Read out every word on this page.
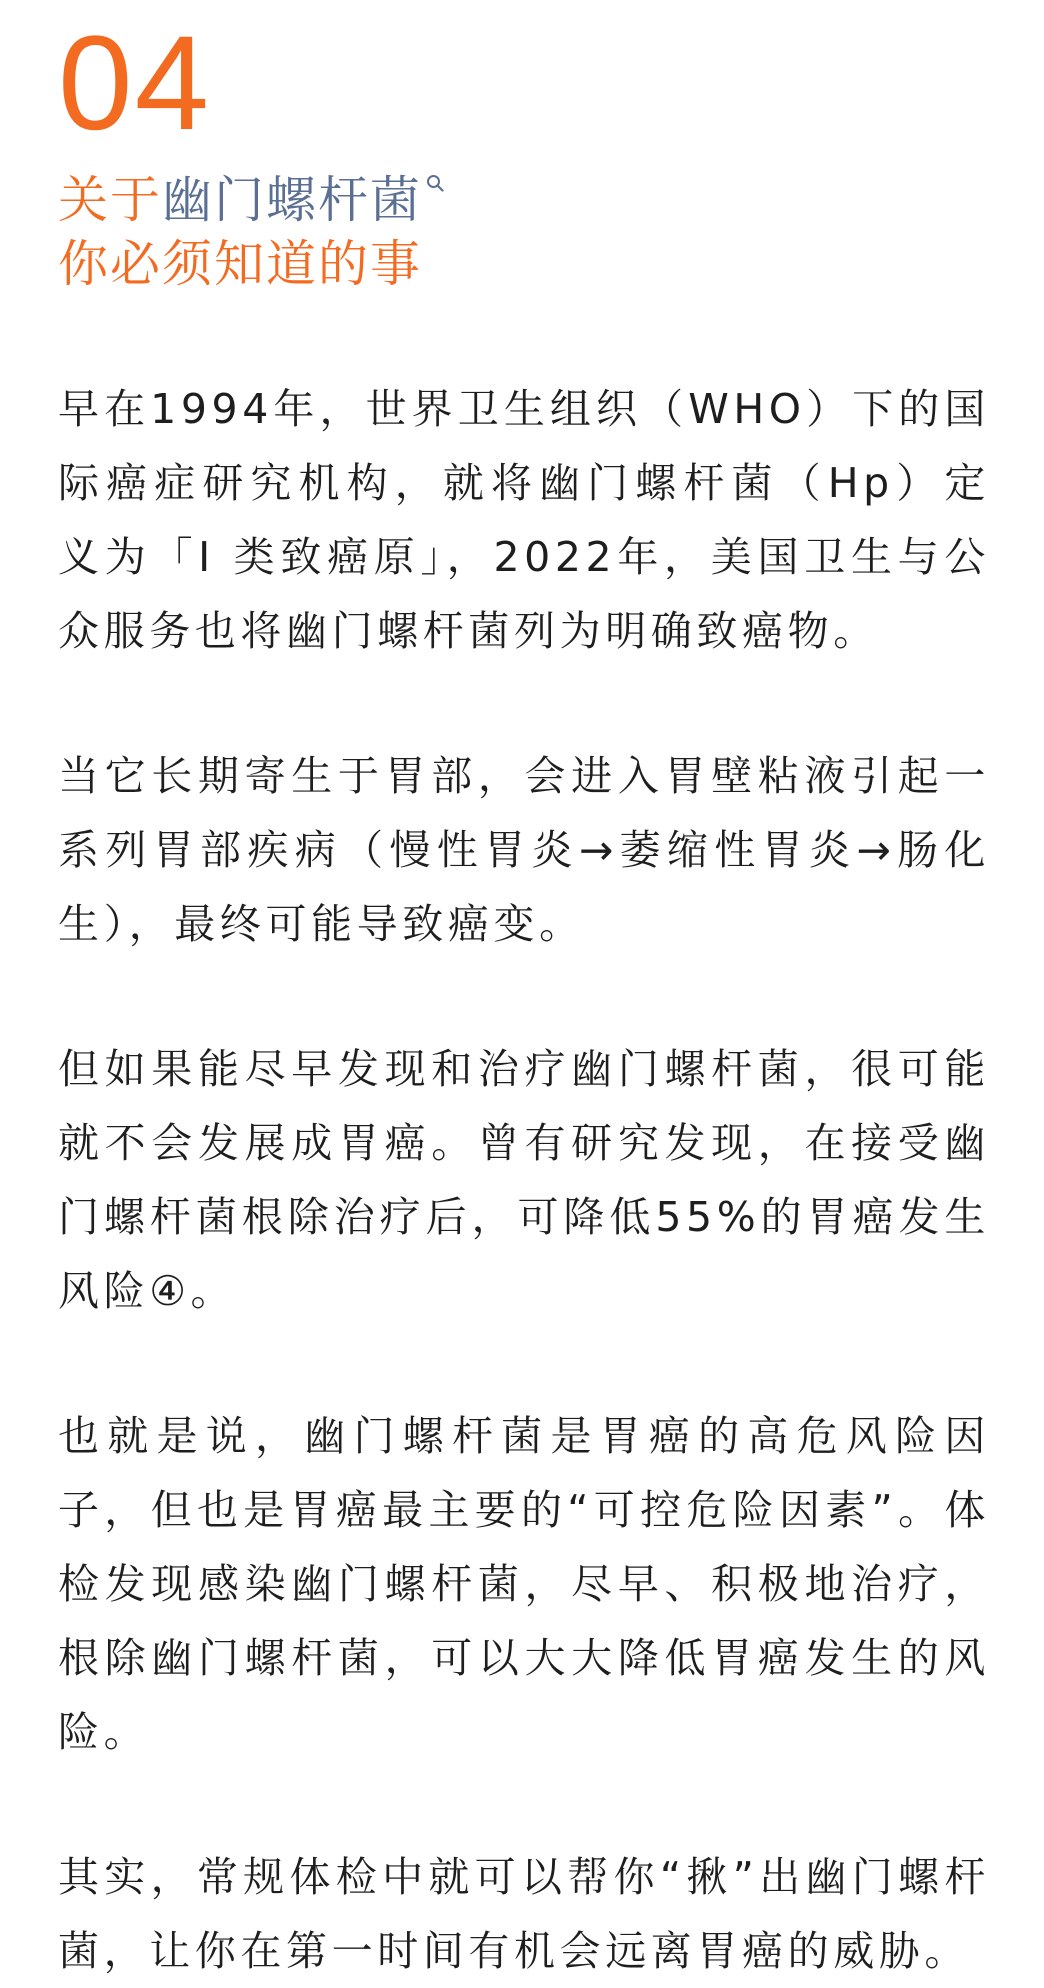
04
关于幽门螺杆菌
你必须知道的事

早在1994年，世界卫生组织（WHO）下的国际癌症研究机构，就将幽门螺杆菌（Hp）定义为「I 类致癌原」，2022年，美国卫生与公众服务也将幽门螺杆菌列为明确致癌物。

当它长期寄生于胃部，会进入胃壁粘液引起一系列胃部疾病（慢性胃炎→萎缩性胃炎→肠化生），最终可能导致癌变。

但如果能尽早发现和治疗幽门螺杆菌，很可能就不会发展成胃癌。曾有研究发现，在接受幽门螺杆菌根除治疗后，可降低55%的胃癌发生风险④。

也就是说，幽门螺杆菌是胃癌的高危风险因子，但也是胃癌最主要的“可控危险因素”。体检发现感染幽门螺杆菌，尽早、积极地治疗，根除幽门螺杆菌，可以大大降低胃癌发生的风险。

其实，常规体检中就可以帮你“揪”出幽门螺杆菌，让你在第一时间有机会远离胃癌的威胁。
